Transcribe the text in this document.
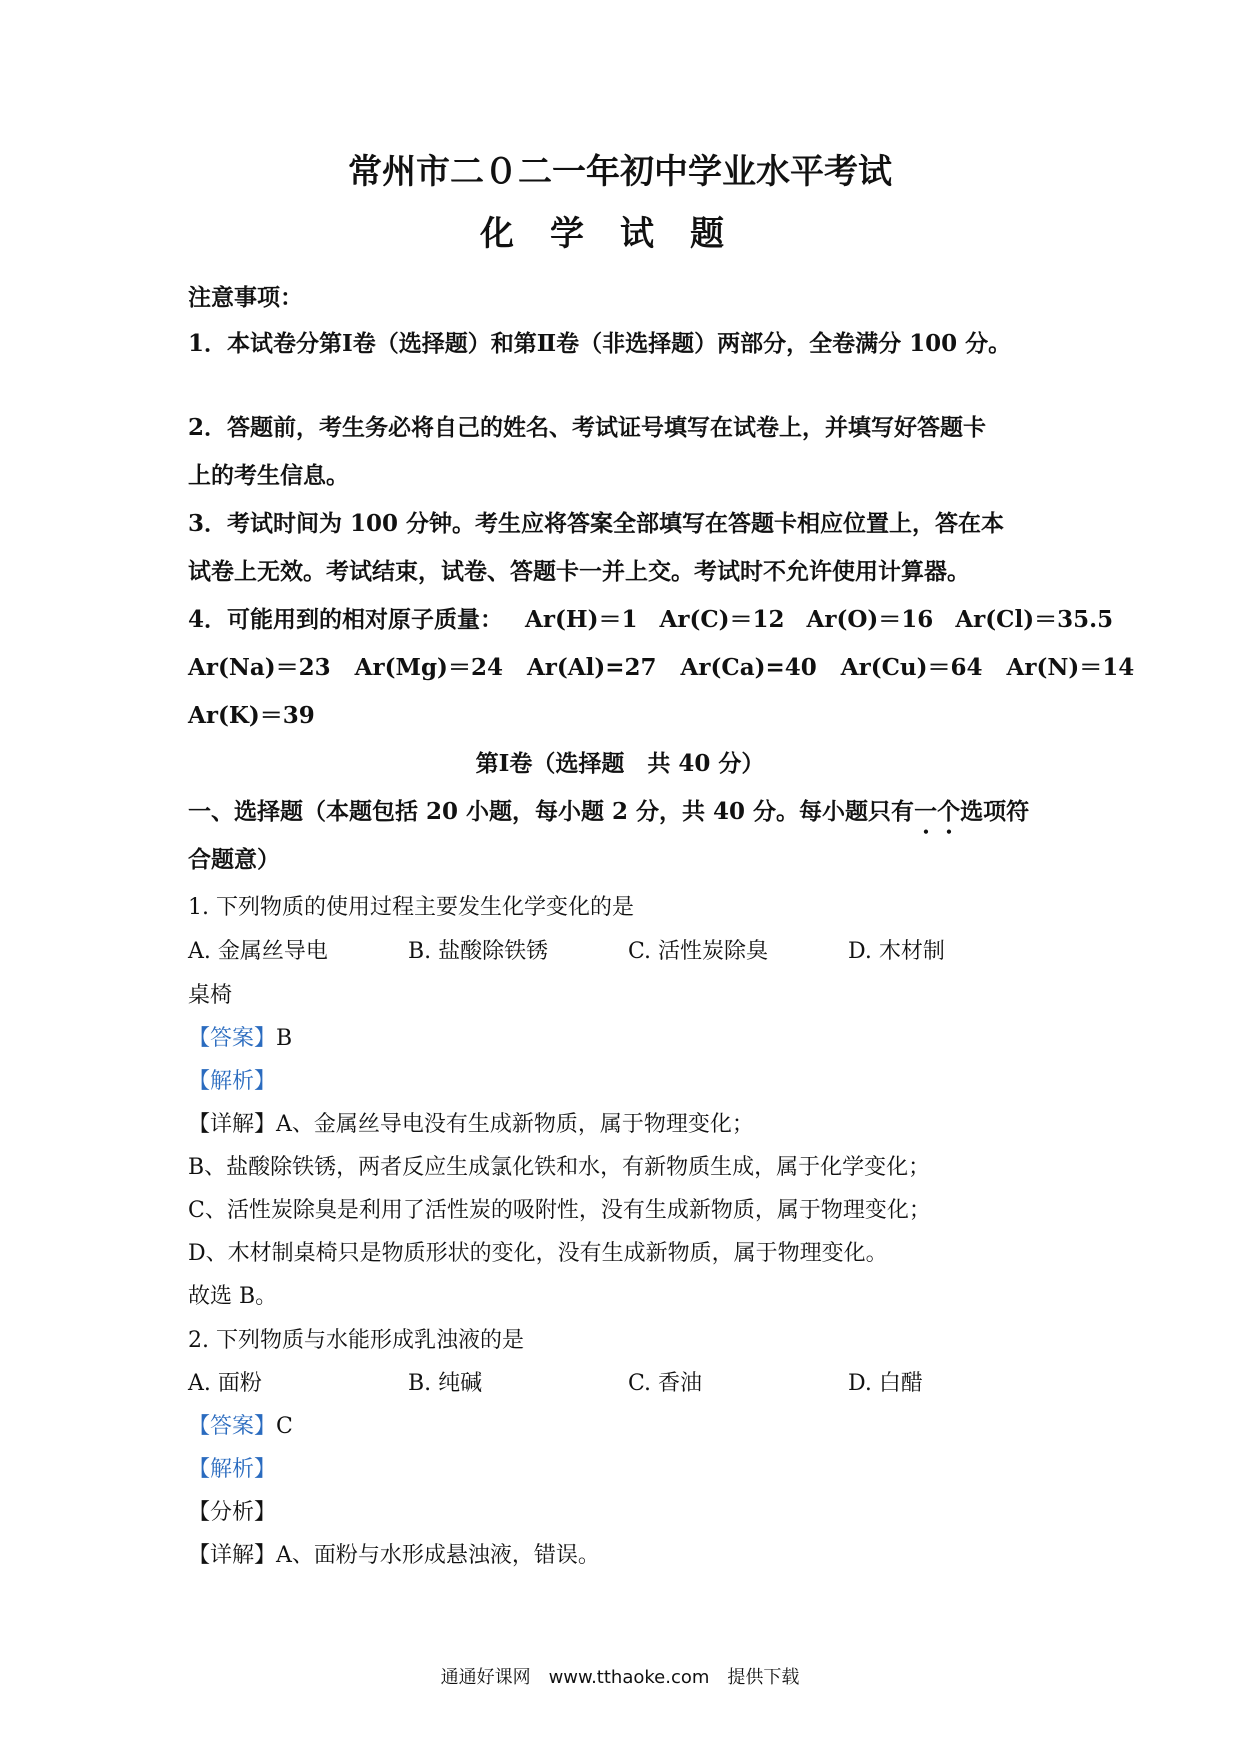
常州市二０二一年初中学业水平考试
化学试题
注意事项：
1．本试卷分第Ⅰ卷（选择题）和第Ⅱ卷（非选择题）两部分，全卷满分 100 分。
2．答题前，考生务必将自己的姓名、考试证号填写在试卷上，并填写好答题卡
上的考生信息。
3．考试时间为 100 分钟。考生应将答案全部填写在答题卡相应位置上，答在本
试卷上无效。考试结束，试卷、答题卡一并上交。考试时不允许使用计算器。
4．可能用到的相对原子质量： Ar(H)＝1 Ar(C)＝12 Ar(O)＝16 Ar(Cl)＝35.5
Ar(Na)＝23 Ar(Mg)＝24 Ar(Al)=27 Ar(Ca)=40 Ar(Cu)＝64 Ar(N)＝14
Ar(K)＝39
第Ⅰ卷（选择题　共 40 分）
一、选择题（本题包括 20 小题，每小题 2 分，共 40 分。每小题只有一个选项符
合题意）
1. 下列物质的使用过程主要发生化学变化的是
A. 金属丝导电	B. 盐酸除铁锈	C. 活性炭除臭	D. 木材制
桌椅
【答案】B
【解析】
【详解】A、金属丝导电没有生成新物质，属于物理变化；
B、盐酸除铁锈，两者反应生成氯化铁和水，有新物质生成，属于化学变化；
C、活性炭除臭是利用了活性炭的吸附性，没有生成新物质，属于物理变化；
D、木材制桌椅只是物质形状的变化，没有生成新物质，属于物理变化。
故选 B。
2. 下列物质与水能形成乳浊液的是
A. 面粉	B. 纯碱	C. 香油	D. 白醋
【答案】C
【解析】
【分析】
【详解】A、面粉与水形成悬浊液，错误。
通通好课网　www.tthaoke.com　提供下载
